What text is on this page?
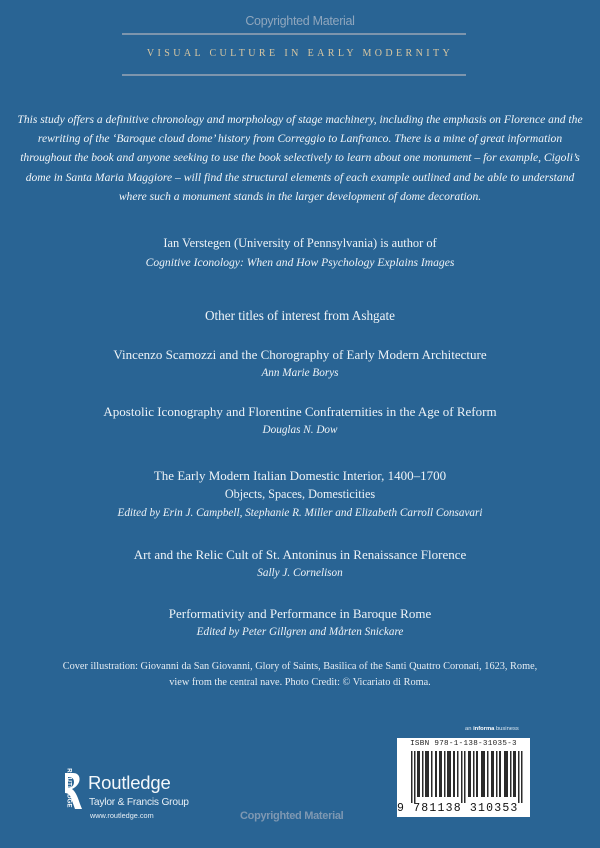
Copyrighted Material
VISUAL CULTURE IN EARLY MODERNITY

This study offers a definitive chronology and morphology of stage machinery, including the emphasis on Florence and the rewriting of the ‘Baroque cloud dome’ history from Correggio to Lanfranco. There is a mine of great information throughout the book and anyone seeking to use the book selectively to learn about one monument – for example, Cigoli’s dome in Santa Maria Maggiore – will find the structural elements of each example outlined and be able to understand where such a monument stands in the larger development of dome decoration.

Ian Verstegen (University of Pennsylvania) is author of
Cognitive Iconology: When and How Psychology Explains Images
Other titles of interest from Ashgate
Vincenzo Scamozzi and the Chorography of Early Modern Architecture
Ann Marie Borys
Apostolic Iconography and Florentine Confraternities in the Age of Reform
Douglas N. Dow
The Early Modern Italian Domestic Interior, 1400–1700
Objects, Spaces, Domesticities
Edited by Erin J. Campbell, Stephanie R. Miller and Elizabeth Carroll Consavari
Art and the Relic Cult of St. Antoninus in Renaissance Florence
Sally J. Cornelison
Performativity and Performance in Baroque Rome
Edited by Peter Gillgren and Mårten Snickare
Cover illustration: Giovanni da San Giovanni, Glory of Saints, Basilica of the Santi Quattro Coronati, 1623, Rome,
view from the central nave. Photo Credit: © Vicariato di Roma.
Routledge
Taylor & Francis Group
www.routledge.com	Copyrighted Material
an informa business
ISBN 978-1-138-31035-3
9 781138 310353
